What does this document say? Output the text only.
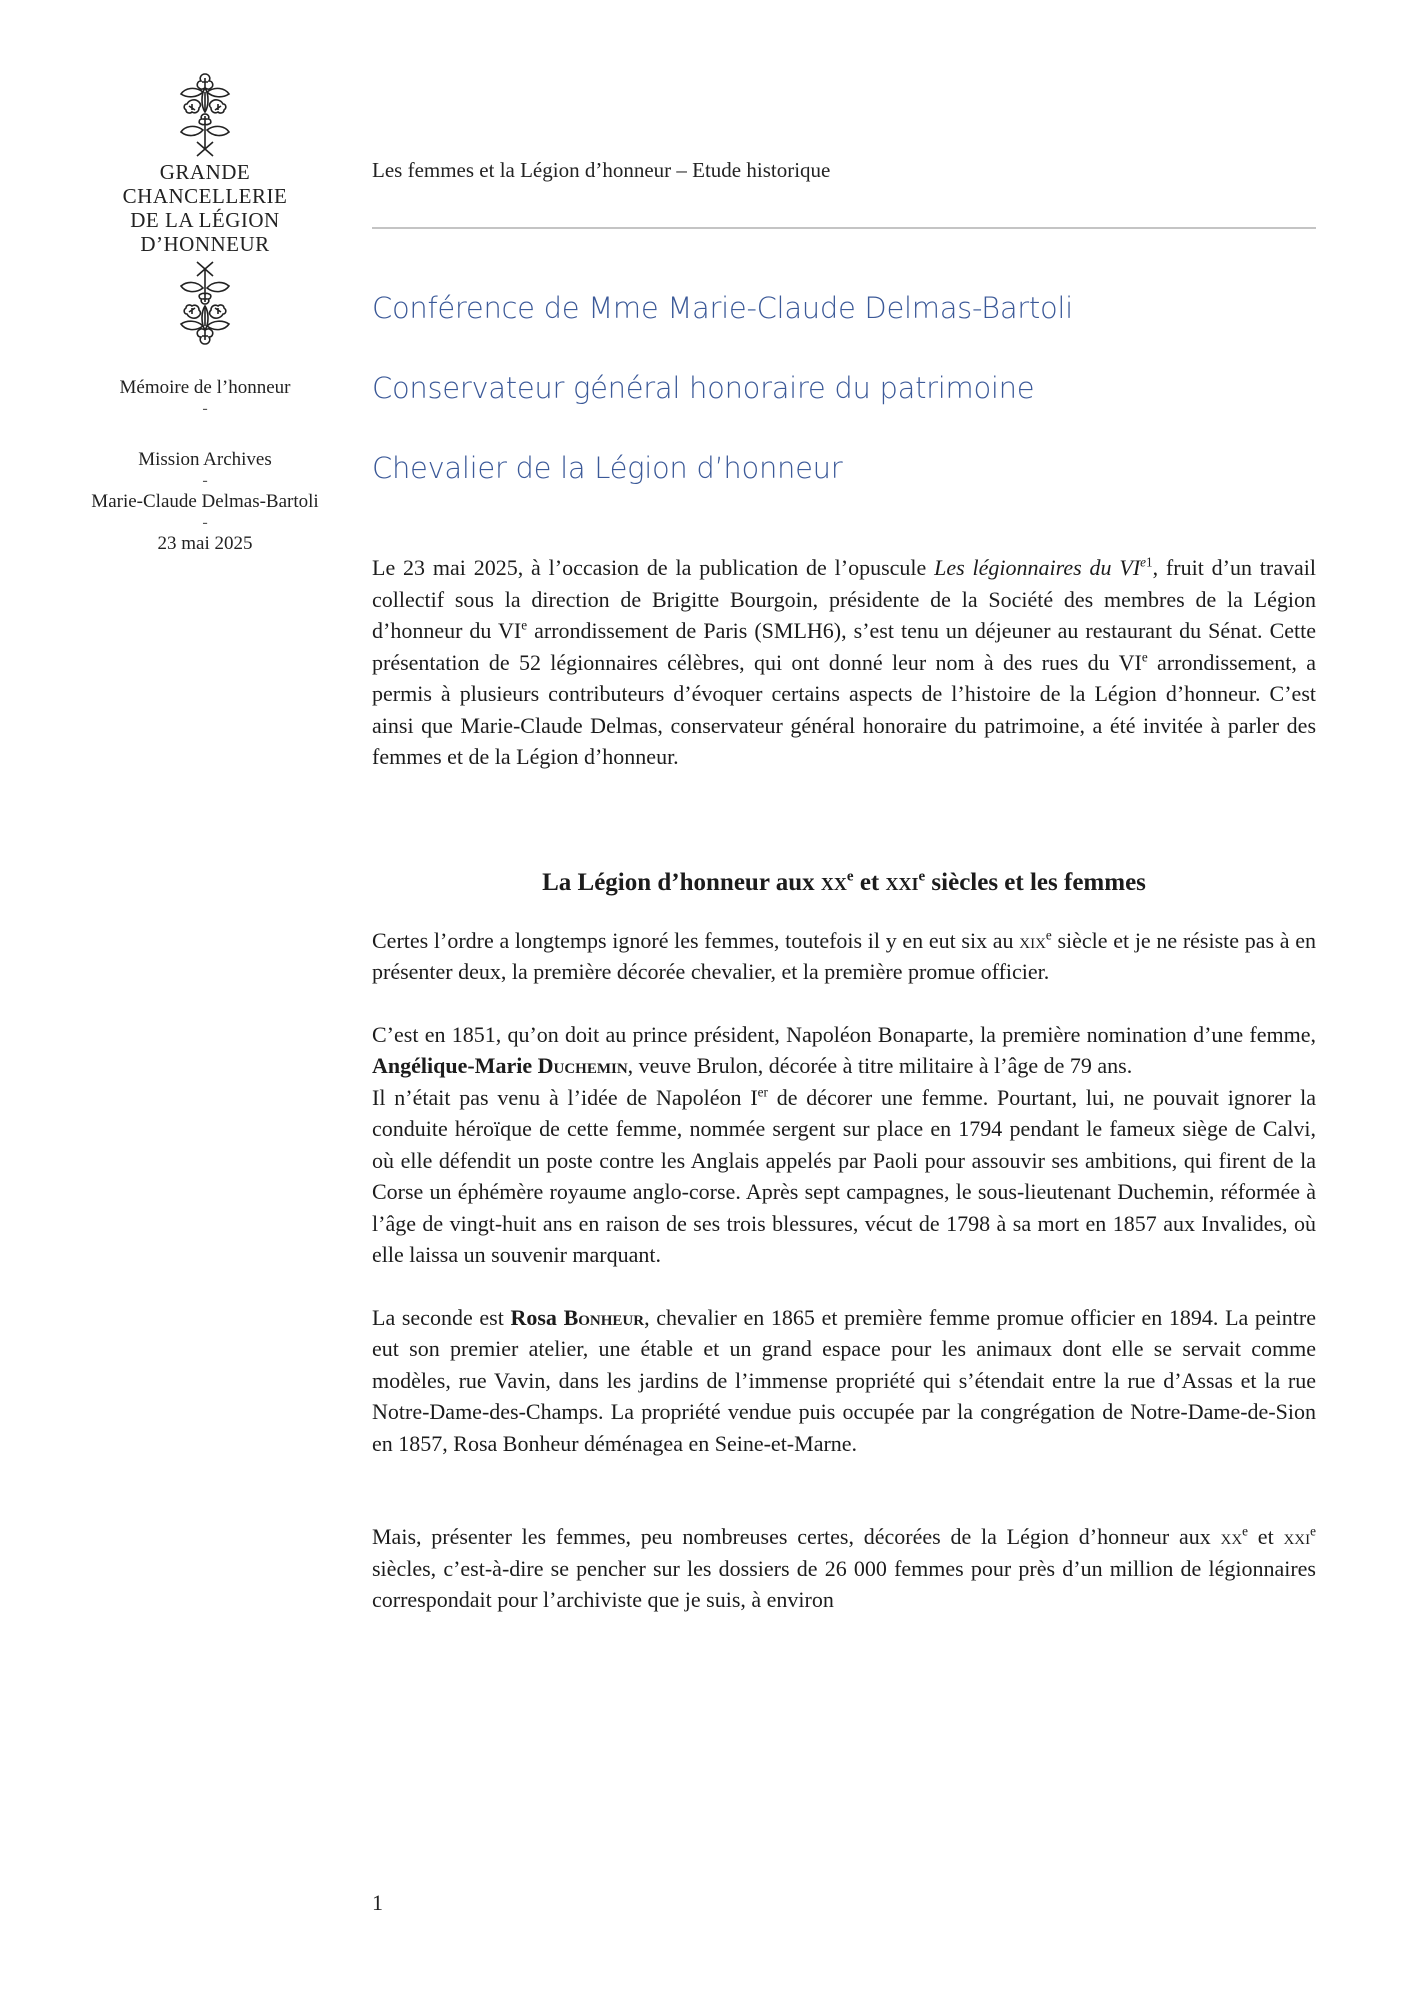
GRANDE
CHANCELLERIE
DE LA LÉGION
D’HONNEUR
Mémoire de l’honneur
-
Mission Archives
-
Marie-Claude Delmas-Bartoli
-
23 mai 2025
Les femmes et la Légion d’honneur – Etude historique
Conférence de Mme Marie-Claude Delmas-Bartoli
Conservateur général honoraire du patrimoine
Chevalier de la Légion d’honneur

Le 23 mai 2025, à l’occasion de la publication de l’opuscule Les légionnaires du $VI^{e1}$, fruit d’un travail collectif sous la direction de Brigitte Bourgoin, présidente de la Société des membres de la Légion d’honneur du VIe arrondissement de Paris (SMLH6), s’est tenu un déjeuner au restaurant du Sénat. Cette présentation de 52 légionnaires célèbres, qui ont donné leur nom à des rues du VIe arrondissement, a permis à plusieurs contributeurs d’évoquer certains aspects de l’histoire de la Légion d’honneur. C’est ainsi que Marie-Claude Delmas, conservateur général honoraire du patrimoine, a été invitée à parler des femmes et de la Légion d’honneur.

La Légion d’honneur aux $xx^e$ et xxi$^e$ siècles et les femmes

Certes l’ordre a longtemps ignoré les femmes, toutefois il y en eut six au xix$^e$ siècle et je ne résiste pas à en présenter deux, la première décorée chevalier, et la première promue officier.

C’est en 1851, qu’on doit au prince président, Napoléon Bonaparte, la première nomination d’une femme, Angélique-Marie Duchemin, veuve Brulon, décorée à titre militaire à l’âge de 79 ans.

Il n’était pas venu à l’idée de Napoléon Ier de décorer une femme. Pourtant, lui, ne pouvait ignorer la conduite héroïque de cette femme, nommée sergent sur place en 1794 pendant le fameux siège de Calvi, où elle défendit un poste contre les Anglais appelés par Paoli pour assouvir ses ambitions, qui firent de la Corse un éphémère royaume anglo-corse. Après sept campagnes, le sous-lieutenant Duchemin, réformée à l’âge de vingt-huit ans en raison de ses trois blessures, vécut de 1798 à sa mort en 1857 aux Invalides, où elle laissa un souvenir marquant.

La seconde est Rosa Bonheur, chevalier en 1865 et première femme promue officier en 1894. La peintre eut son premier atelier, une étable et un grand espace pour les animaux dont elle se servait comme modèles, rue Vavin, dans les jardins de l’immense propriété qui s’étendait entre la rue d’Assas et la rue Notre-Dame-des-Champs. La propriété vendue puis occupée par la congrégation de Notre-Dame-de-Sion en 1857, Rosa Bonheur déménagea en Seine-et-Marne.

Mais, présenter les femmes, peu nombreuses certes, décorées de la Légion d’honneur aux $xx^e$ et xxi$^e$ siècles, c’est-à-dire se pencher sur les dossiers de 26 000 femmes pour près d’un million de légionnaires correspondait pour l’archiviste que je suis, à environ

1
